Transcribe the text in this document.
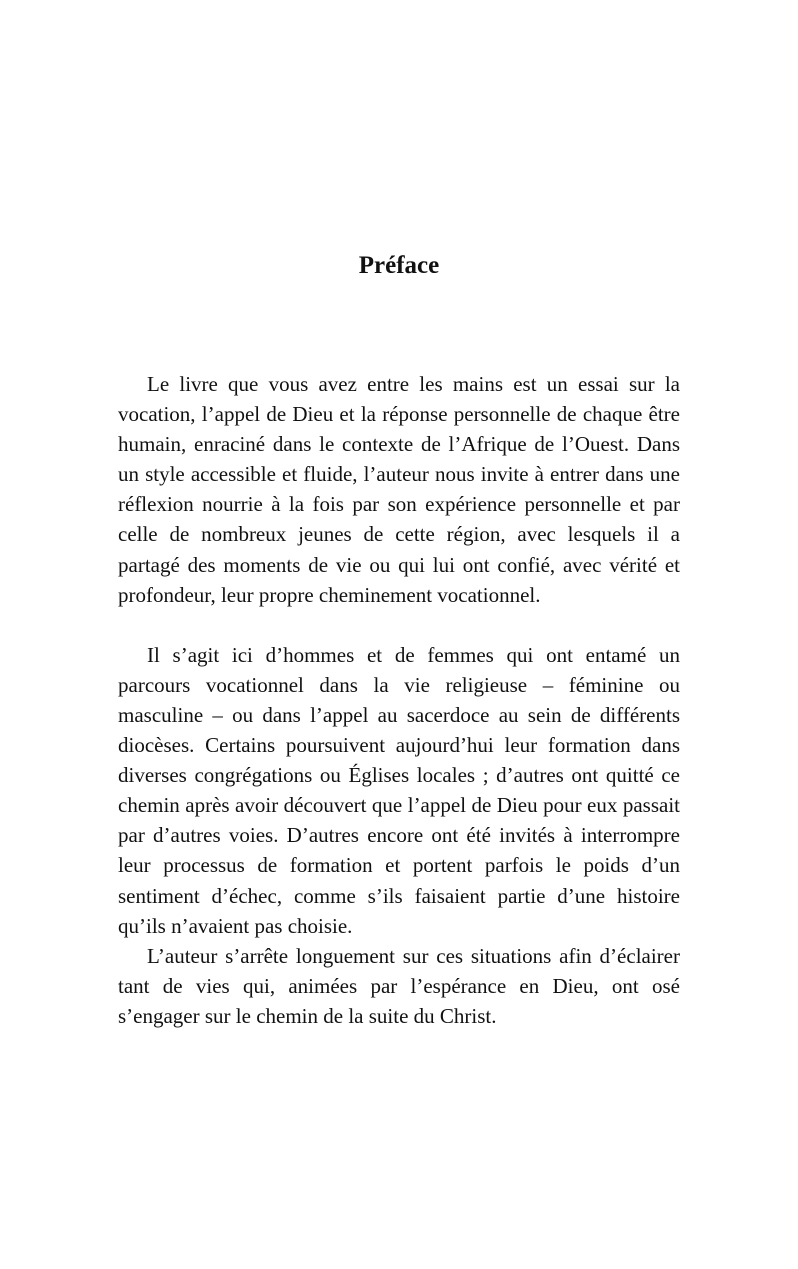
Préface

Le livre que vous avez entre les mains est un essai sur la vocation, l’appel de Dieu et la réponse personnelle de chaque être humain, enraciné dans le contexte de l’Afrique de l’Ouest. Dans un style accessible et fluide, l’auteur nous invite à entrer dans une réflexion nourrie à la fois par son expérience personnelle et par celle de nombreux jeunes de cette région, avec lesquels il a partagé des moments de vie ou qui lui ont confié, avec vérité et profondeur, leur propre cheminement vocationnel.

Il s’agit ici d’hommes et de femmes qui ont entamé un parcours vocationnel dans la vie religieuse – féminine ou masculine – ou dans l’appel au sacerdoce au sein de différents diocèses. Certains poursuivent aujourd’hui leur formation dans diverses congrégations ou Églises locales ; d’autres ont quitté ce chemin après avoir découvert que l’appel de Dieu pour eux passait par d’autres voies. D’autres encore ont été invités à interrompre leur processus de formation et portent parfois le poids d’un sentiment d’échec, comme s’ils faisaient partie d’une histoire qu’ils n’avaient pas choisie.

L’auteur s’arrête longuement sur ces situations afin d’éclairer tant de vies qui, animées par l’espérance en Dieu, ont osé s’engager sur le chemin de la suite du Christ.
